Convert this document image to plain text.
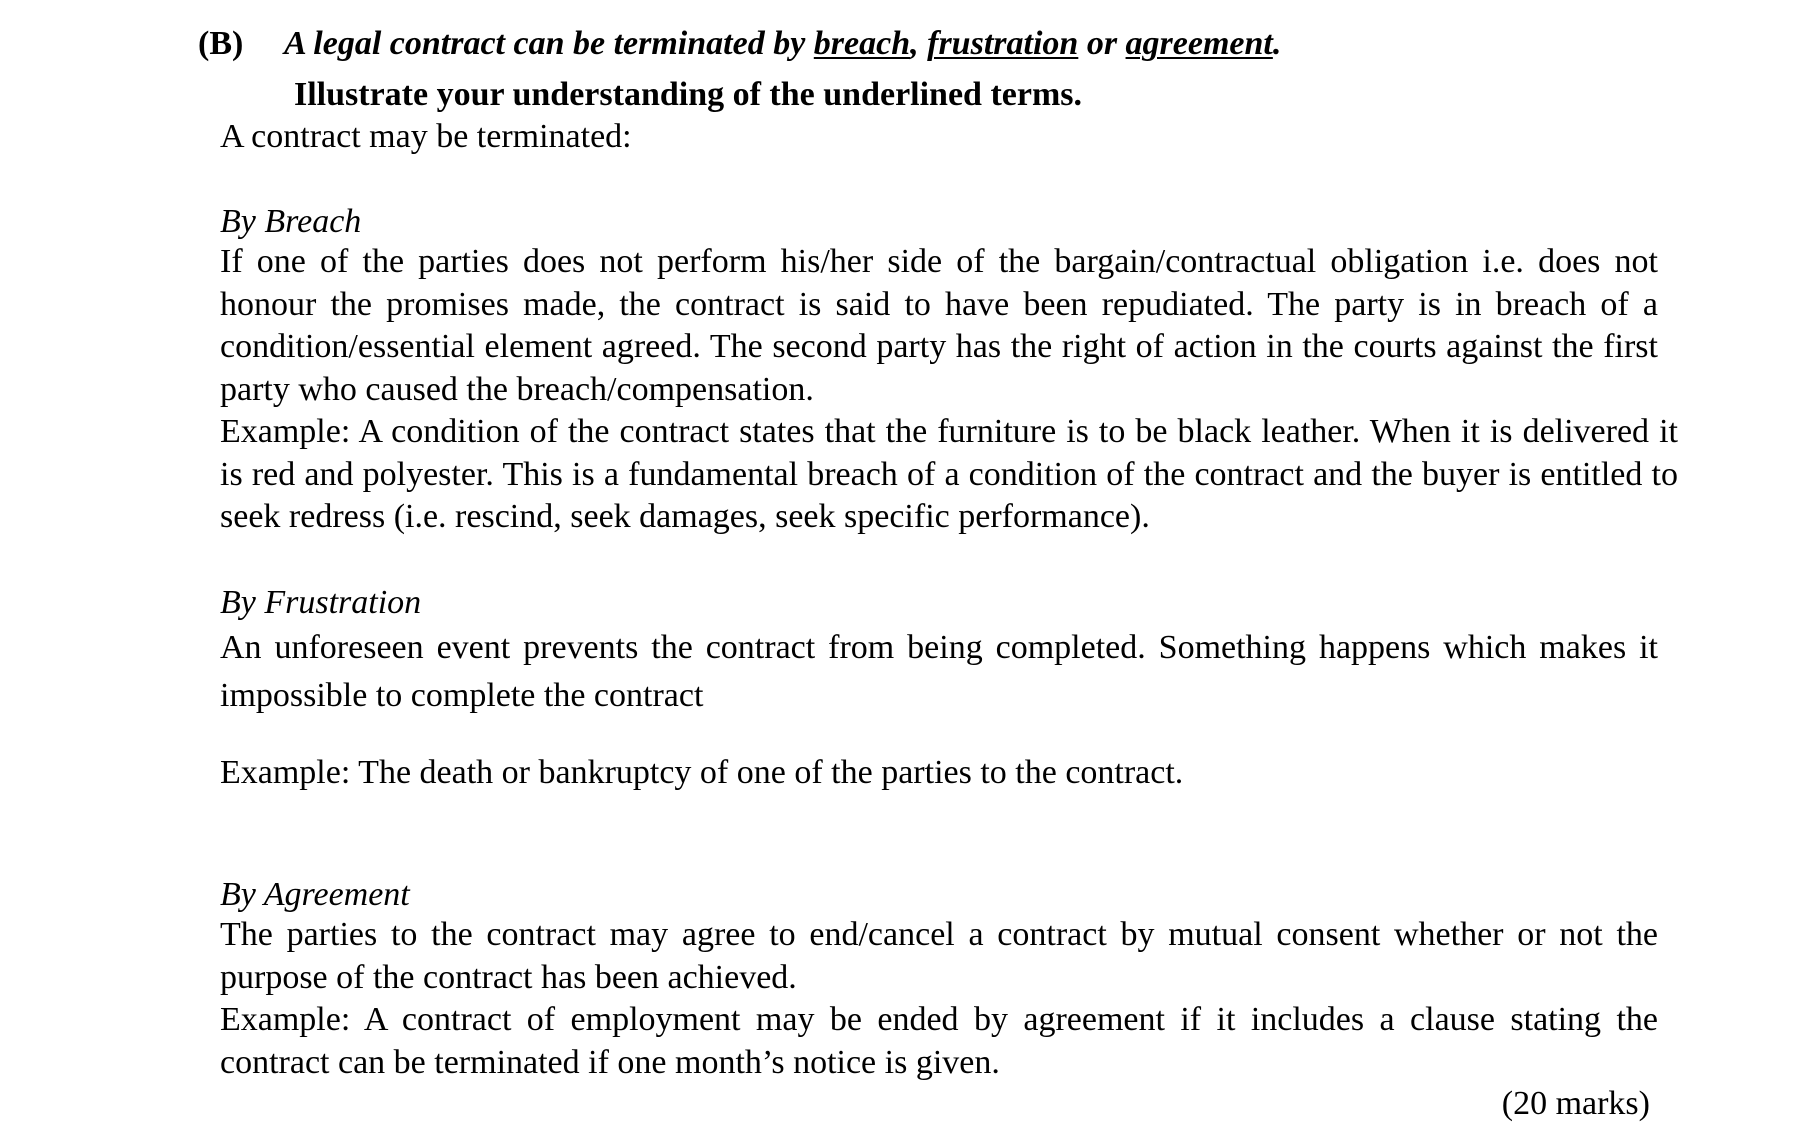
(B) A legal contract can be terminated by breach, frustration or agreement.
Illustrate your understanding of the underlined terms.

A contract may be terminated:

By Breach

If one of the parties does not perform his/her side of the bargain/contractual obligation i.e. does not honour the promises made, the contract is said to have been repudiated. The party is in breach of a condition/essential element agreed. The second party has the right of action in the courts against the first party who caused the breach/compensation.

Example: A condition of the contract states that the furniture is to be black leather. When it is delivered it is red and polyester. This is a fundamental breach of a condition of the contract and the buyer is entitled to seek redress (i.e. rescind, seek damages, seek specific performance).

By Frustration

An unforeseen event prevents the contract from being completed. Something happens which makes it impossible to complete the contract

Example: The death or bankruptcy of one of the parties to the contract.

By Agreement

The parties to the contract may agree to end/cancel a contract by mutual consent whether or not the purpose of the contract has been achieved.

Example: A contract of employment may be ended by agreement if it includes a clause stating the contract can be terminated if one month’s notice is given.

(20 marks)
